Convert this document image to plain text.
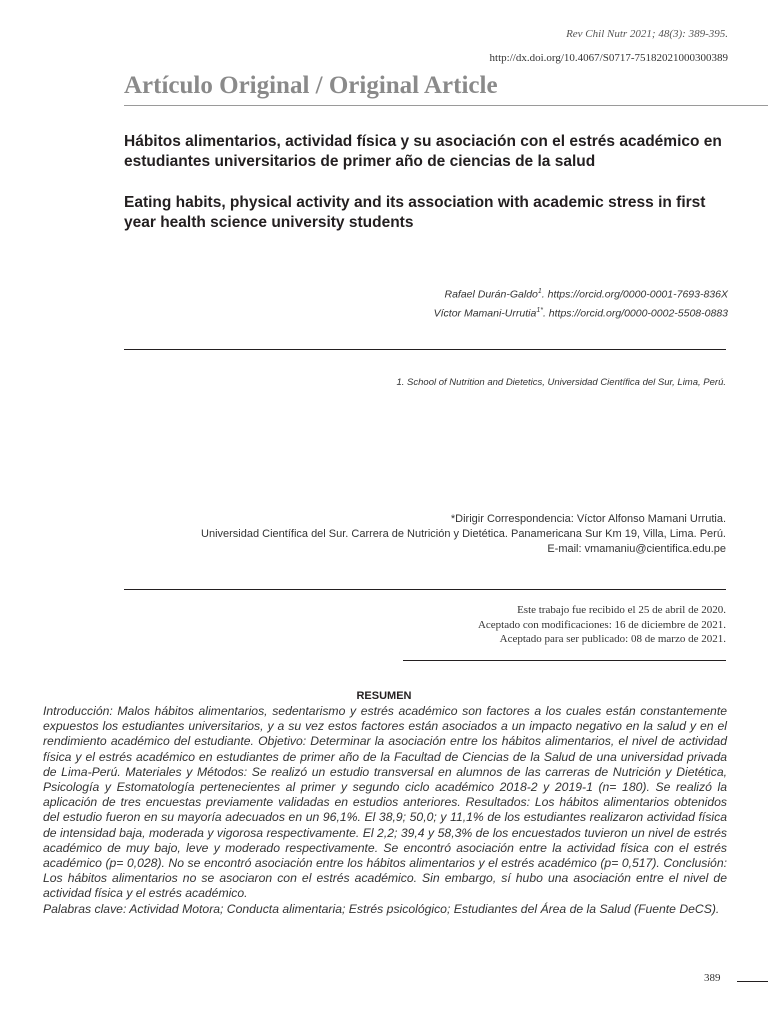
Rev Chil Nutr 2021; 48(3): 389-395.
http://dx.doi.org/10.4067/S0717-75182021000300389
Artículo Original / Original Article
Hábitos alimentarios, actividad física y su asociación con el estrés académico en estudiantes universitarios de primer año de ciencias de la salud
Eating habits, physical activity and its association with academic stress in first year health science university students
Rafael Durán-Galdo$^1$. https://orcid.org/0000-0001-7693-836X
Víctor Mamani-Urrutia$^{1*}$. https://orcid.org/0000-0002-5508-0883
1. School of Nutrition and Dietetics, Universidad Científica del Sur, Lima, Perú.
*Dirigir Correspondencia: Víctor Alfonso Mamani Urrutia.
Universidad Científica del Sur. Carrera de Nutrición y Dietética. Panamericana Sur Km 19, Villa, Lima. Perú.
E-mail: vmamaniu@cientifica.edu.pe
Este trabajo fue recibido el 25 de abril de 2020.
Aceptado con modificaciones: 16 de diciembre de 2021.
Aceptado para ser publicado: 08 de marzo de 2021.
RESUMEN

Introducción: Malos hábitos alimentarios, sedentarismo y estrés académico son factores a los cuales están constantemente expuestos los estudiantes universitarios, y a su vez estos factores están asociados a un impacto negativo en la salud y en el rendimiento académico del estudiante. Objetivo: Determinar la asociación entre los hábitos alimentarios, el nivel de actividad física y el estrés académico en estudiantes de primer año de la Facultad de Ciencias de la Salud de una universidad privada de Lima-Perú. Materiales y Métodos: Se realizó un estudio transversal en alumnos de las carreras de Nutrición y Dietética, Psicología y Estomatología pertenecientes al primer y segundo ciclo académico 2018-2 y 2019-1 (n= 180). Se realizó la aplicación de tres encuestas previamente validadas en estudios anteriores. Resultados: Los hábitos alimentarios obtenidos del estudio fueron en su mayoría adecuados en un 96,1%. El 38,9; 50,0; y 11,1% de los estudiantes realizaron actividad física de intensidad baja, moderada y vigorosa respectivamente. El 2,2; 39,4 y 58,3% de los encuestados tuvieron un nivel de estrés académico de muy bajo, leve y moderado respectivamente. Se encontró asociación entre la actividad física con el estrés académico (p= 0,028). No se encontró asociación entre los hábitos alimentarios y el estrés académico (p= 0,517). Conclusión: Los hábitos alimentarios no se asociaron con el estrés académico. Sin embargo, sí hubo una asociación entre el nivel de actividad física y el estrés académico.

Palabras clave: Actividad Motora; Conducta alimentaria; Estrés psicológico; Estudiantes del Área de la Salud (Fuente DeCS).

389
